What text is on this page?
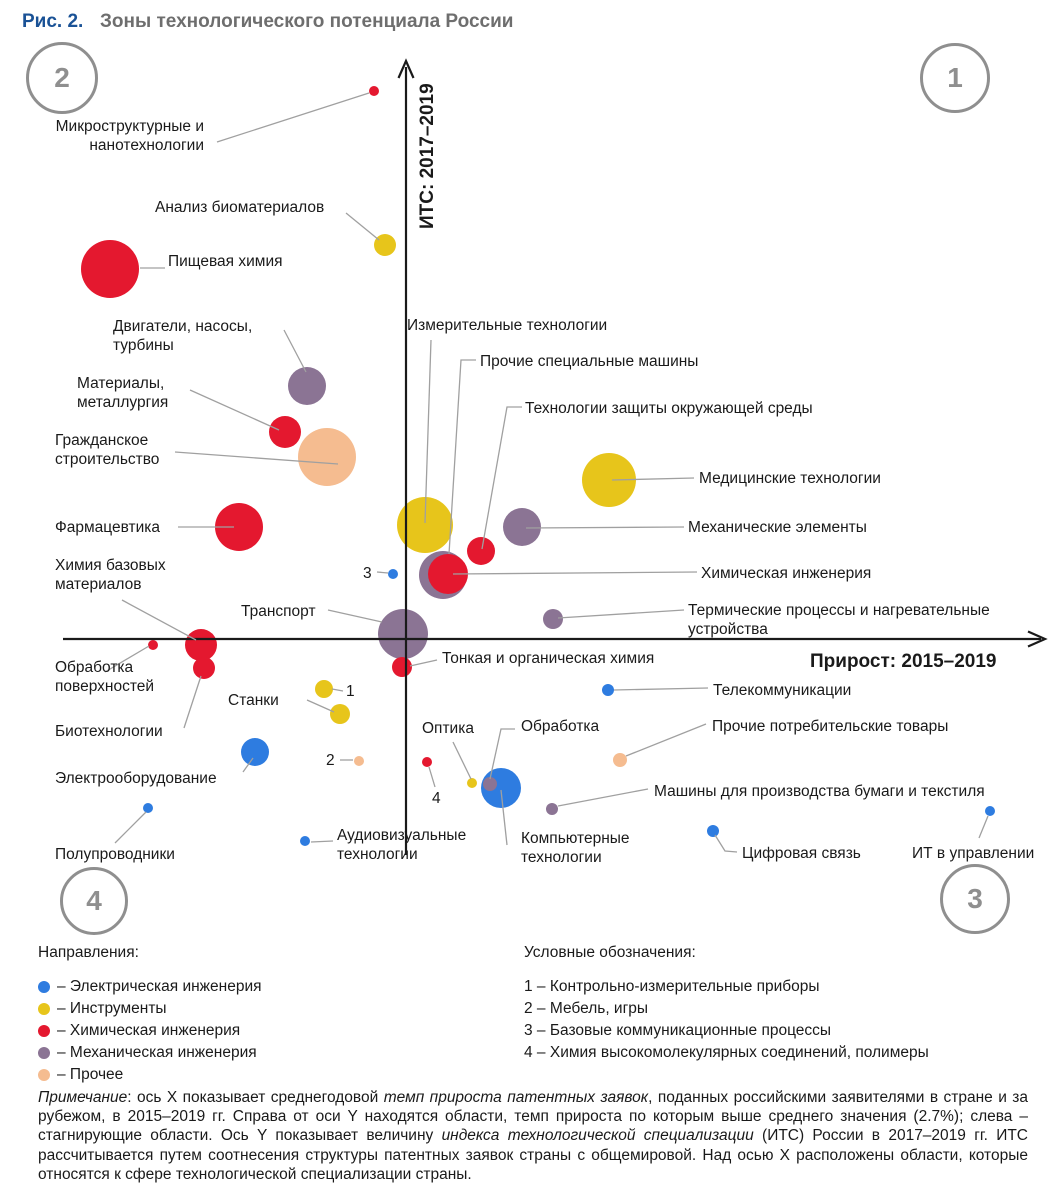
Рис. 2. Зоны технологического потенциала России
Прирост: 2015–2019
ИТС: 2017–2019
Направления:
– Электрическая инженерия
– Инструменты
– Химическая инженерия
– Механическая инженерия
– Прочее
Условные обозначения:
1 – Контрольно-измерительные приборы
2 – Мебель, игры
3 – Базовые коммуникационные процессы
4 – Химия высокомолекулярных соединений, полимеры

Примечание: ось X показывает среднегодовой темп прироста патентных заявок, поданных российскими заявителями в стране и за рубежом, в 2015–2019 гг. Справа от оси Y находятся области, темп прироста по которым выше среднего значения (2.7%); слева – стагнирующие области. Ось Y показывает величину индекса технологической специализации (ИТС) России в 2017–2019 гг. ИТС рассчитывается путем соотнесения структуры патентных заявок страны с общемировой. Над осью X расположены области, которые относятся к сфере технологической специализации страны.

Микроструктурные и
нанотехнологии
Анализ биоматериалов
Пищевая химия
Двигатели, насосы,
турбины
Материалы,
металлургия
Гражданское
строительство
Фармацевтика
Измерительные технологии
Прочие специальные машины
Химическая инженерия
Технологии защиты окружающей среды
Медицинские технологии
Механические элементы
Термические процессы и нагревательные
устройства
3
Транспорт
Химия базовых
материалов
Обработка
поверхностей
Биотехнологии
Тонкая и органическая химия
1
Станки
Электрооборудование
2
Полупроводники
Аудиовизуальные
технологии
4
Оптика
Компьютерные
технологии
Обработка
Телекоммуникации
Прочие потребительские товары
Машины для производства бумаги и текстиля
Цифровая связь	ИТ в управлении
2	1
4	3
